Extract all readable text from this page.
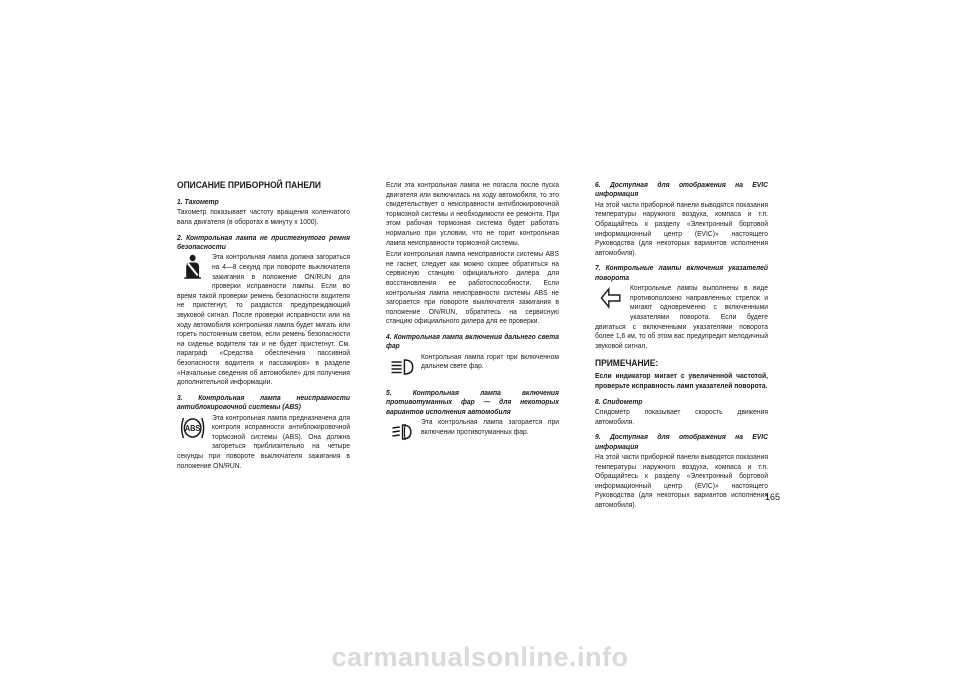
ОПИСАНИЕ ПРИБОРНОЙ ПАНЕЛИ
1. Тахометр
Тахометр показывает частоту вращения коленчатого вала двигателя (в оборотах в минуту х 1000).
2. Контрольная лампа не пристегнутого ремня безопасности
Эта контрольная лампа должна загораться на 4—8 секунд при повороте выключателя зажигания в положение ON/RUN для проверки исправности лампы. Если во время такой проверки ремень безопасности водителя не пристегнут, то раздастся предупреждающий звуковой сигнал. После проверки исправности или на ходу автомобиля контрольная лампа будет мигать или гореть постоянным светом, если ремень безопасности на сиденье водителя так и не будет пристегнут. См. параграф «Средства обеспечения пассивной безопасности водителя и пассажиров» в разделе «Начальные сведения об автомобиле» для получения дополнительной информации.
3. Контрольная лампа неисправности антиблокировочной системы (ABS)
ABS
Эта контрольная лампа предназначена для контроля исправности антиблокировочной тормозной системы (ABS). Она должна загореться приблизительно на четыре секунды при повороте выключателя зажигания в положение ON/RUN.
Если эта контрольная лампа не погасла после пуска двигателя или включилась на ходу автомобиля, то это свидетельствует о неисправности антиблокировочной тормозной системы и необходимости ее ремонта. При этом рабочая тормозная система будет работать нормально при условии, что не горит контрольная лампа неисправности тормозной системы.
Если контрольная лампа неисправности системы ABS не гаснет, следует как можно скорее обратиться на сервисную станцию официального дилера для восстановления ее работоспособности. Если контрольная лампа неисправности системы ABS не загорается при повороте выключателя зажигания в положение ON/RUN, обратитесь на сервисную станцию официального дилера для ее проверки.
4. Контрольная лампа включения дальнего света фар
Контрольная лампа горит при включенном дальнем свете фар.
5. Контрольная лампа включения противотуманных фар — для некоторых вариантов исполнения автомобиля
Эта контрольная лампа загорается при включении противотуманных фар.
6. Доступная для отображения на EVIC информация
На этой части приборной панели выводятся показания температуры наружного воздуха, компаса и т.п. Обращайтесь к разделу «Электронный бортовой информационный центр (EVIC)» настоящего Руководства (для некоторых вариантов исполнения автомобиля).
7. Контрольные лампы включения указателей поворота
Контрольные лампы выполнены в виде противоположно направленных стрелок и мигают одновременно с включенными указателями поворота. Если будете двигаться с включенными указателями поворота более 1,6 км, то об этом вас предупредит мелодичный звуковой сигнал.
ПРИМЕЧАНИЕ:
Если индикатор мигает с увеличенной частотой, проверьте исправность ламп указателей поворота.
8. Спидометр
Спидометр показывает скорость движения автомобиля.
9. Доступная для отображения на EVIC информация
На этой части приборной панели выводятся показания температуры наружного воздуха, компаса и т.п. Обращайтесь к разделу «Электронный бортовой информационный центр (EVIC)» настоящего Руководства (для некоторых вариантов исполнения автомобиля).
165
carmanualsonline.info
